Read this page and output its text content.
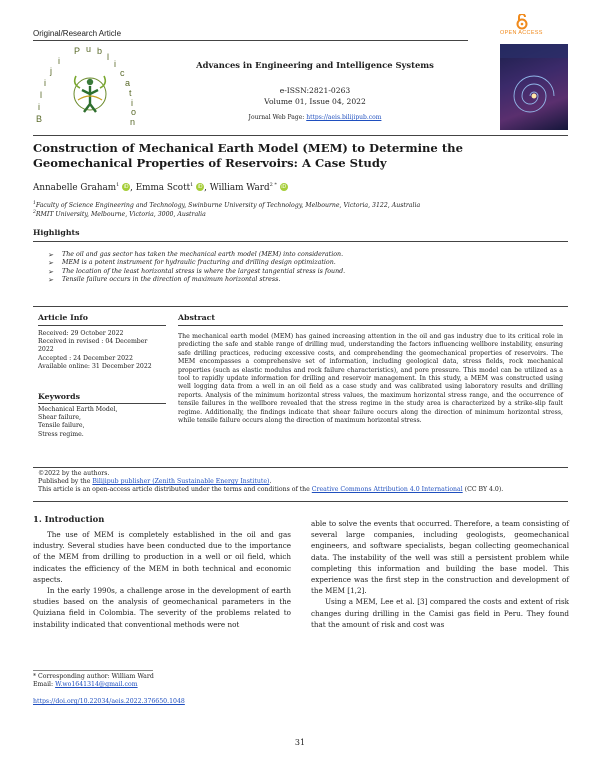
Original/Research Article	OPEN ACCESS
B
i
l
i
j
i
P u b
l
i
c
a
t
i
o
n
Advances in Engineering and Intelligence Systems
e-ISSN:2821-0263
Volume 01, Issue 04, 2022
Journal Web Page: https://aeis.bilijipub.com
Construction of Mechanical Earth Model (MEM) to Determine the Geomechanical Properties of Reservoirs: A Case Study
Annabelle Graham$^1$ iD , Emma Scott$^1$ iD , William Ward$^{2 *}$ iD
$^1$Faculty of Science Engineering and Technology, Swinburne University of Technology, Melbourne, Victoria, 3122, Australia
$^2$RMIT University, Melbourne, Victoria, 3000, Australia
Highlights
➢ The oil and gas sector has taken the mechanical earth model (MEM) into consideration.
➢ MEM is a potent instrument for hydraulic fracturing and drilling design optimization.
➢ The location of the least horizontal stress is where the largest tangential stress is found.
➢ Tensile failure occurs in the direction of maximum horizontal stress.
Article Info
Received: 29 October 2022
Received in revised : 04 December 2022
Accepted : 24 December 2022
Available online: 31 December 2022
Keywords
Mechanical Earth Model,
Shear failure,
Tensile failure,
Stress regime.
Abstract
The mechanical earth model (MEM) has gained increasing attention in the oil and gas industry due to its critical role in predicting the safe and stable range of drilling mud, understanding the factors influencing wellbore instability, ensuring safe drilling practices, reducing excessive costs, and comprehending the geomechanical properties of reservoirs. The MEM encompasses a comprehensive set of information, including geological data, stress fields, rock mechanical properties (such as elastic modulus and rock failure characteristics), and pore pressure. This model can be utilized as a tool to rapidly update information for drilling and reservoir management. In this study, a MEM was constructed using well logging data from a well in an oil field as a case study and was calibrated using laboratory results and drilling reports. Analysis of the minimum horizontal stress values, the maximum horizontal stress range, and the occurrence of tensile failures in the wellbore revealed that the stress regime in the study area is characterized by a strike-slip fault regime. Additionally, the findings indicate that shear failure occurs along the direction of minimum horizontal stress, while tensile failure occurs along the direction of maximum horizontal stress.
©2022 by the authors.
Published by the Bilijipub publisher (Zenith Sustainable Energy Institute).
This article is an open-access article distributed under the terms and conditions of the Creative Commons Attribution 4.0 International (CC BY 4.0).
1. Introduction

The use of MEM is completely established in the oil and gas industry. Several studies have been conducted due to the importance of the MEM from drilling to production in a well or oil field, which indicates the efficiency of the MEM in both technical and economic aspects.

In the early 1990s, a challenge arose in the development of earth studies based on the analysis of geomechanical parameters in the Quiziana field in Colombia. The severity of the problems related to instability indicated that conventional methods were not

able to solve the events that occurred. Therefore, a team consisting of several large companies, including geologists, geomechanical engineers, and software specialists, began collecting geomechanical data. The instability of the well was still a persistent problem while completing this information and building the base model. This experience was the first step in the construction and development of the MEM [1,2].

Using a MEM, Lee et al. [3] compared the costs and extent of risk changes during drilling in the Camisi gas field in Peru. They found that the amount of risk and cost was

* Corresponding author: William Ward
Email: W.wo1641314@gmail.com
https://doi.org/10.22034/aeis.2022.376650.1048
31
